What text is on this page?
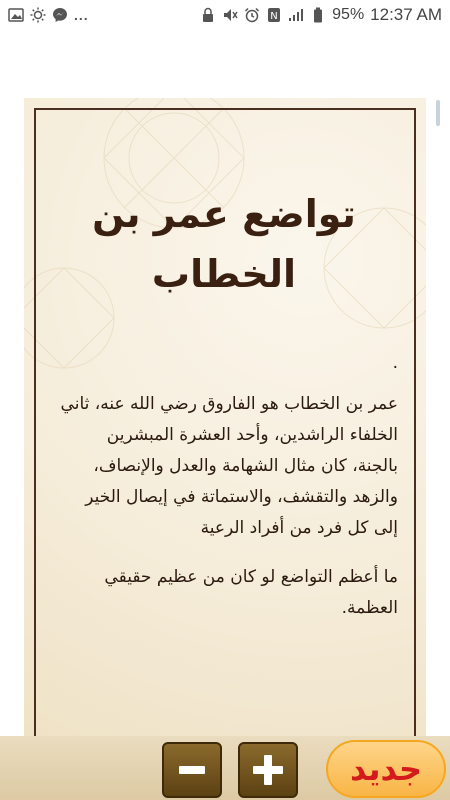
...	N	95% 12:37 AM
تواضع عمر بن الخطاب

.

عمر بن الخطاب هو الفاروق رضي الله عنه، ثاني الخلفاء الراشدين، وأحد العشرة المبشرين بالجنة، كان مثال الشهامة والعدل والإنصاف، والزهد والتقشف، والاستماتة في إيصال الخير إلى كل فرد من أفراد الرعية

ما أعظم التواضع لو كان من عظيم حقيقي العظمة.

جديد
